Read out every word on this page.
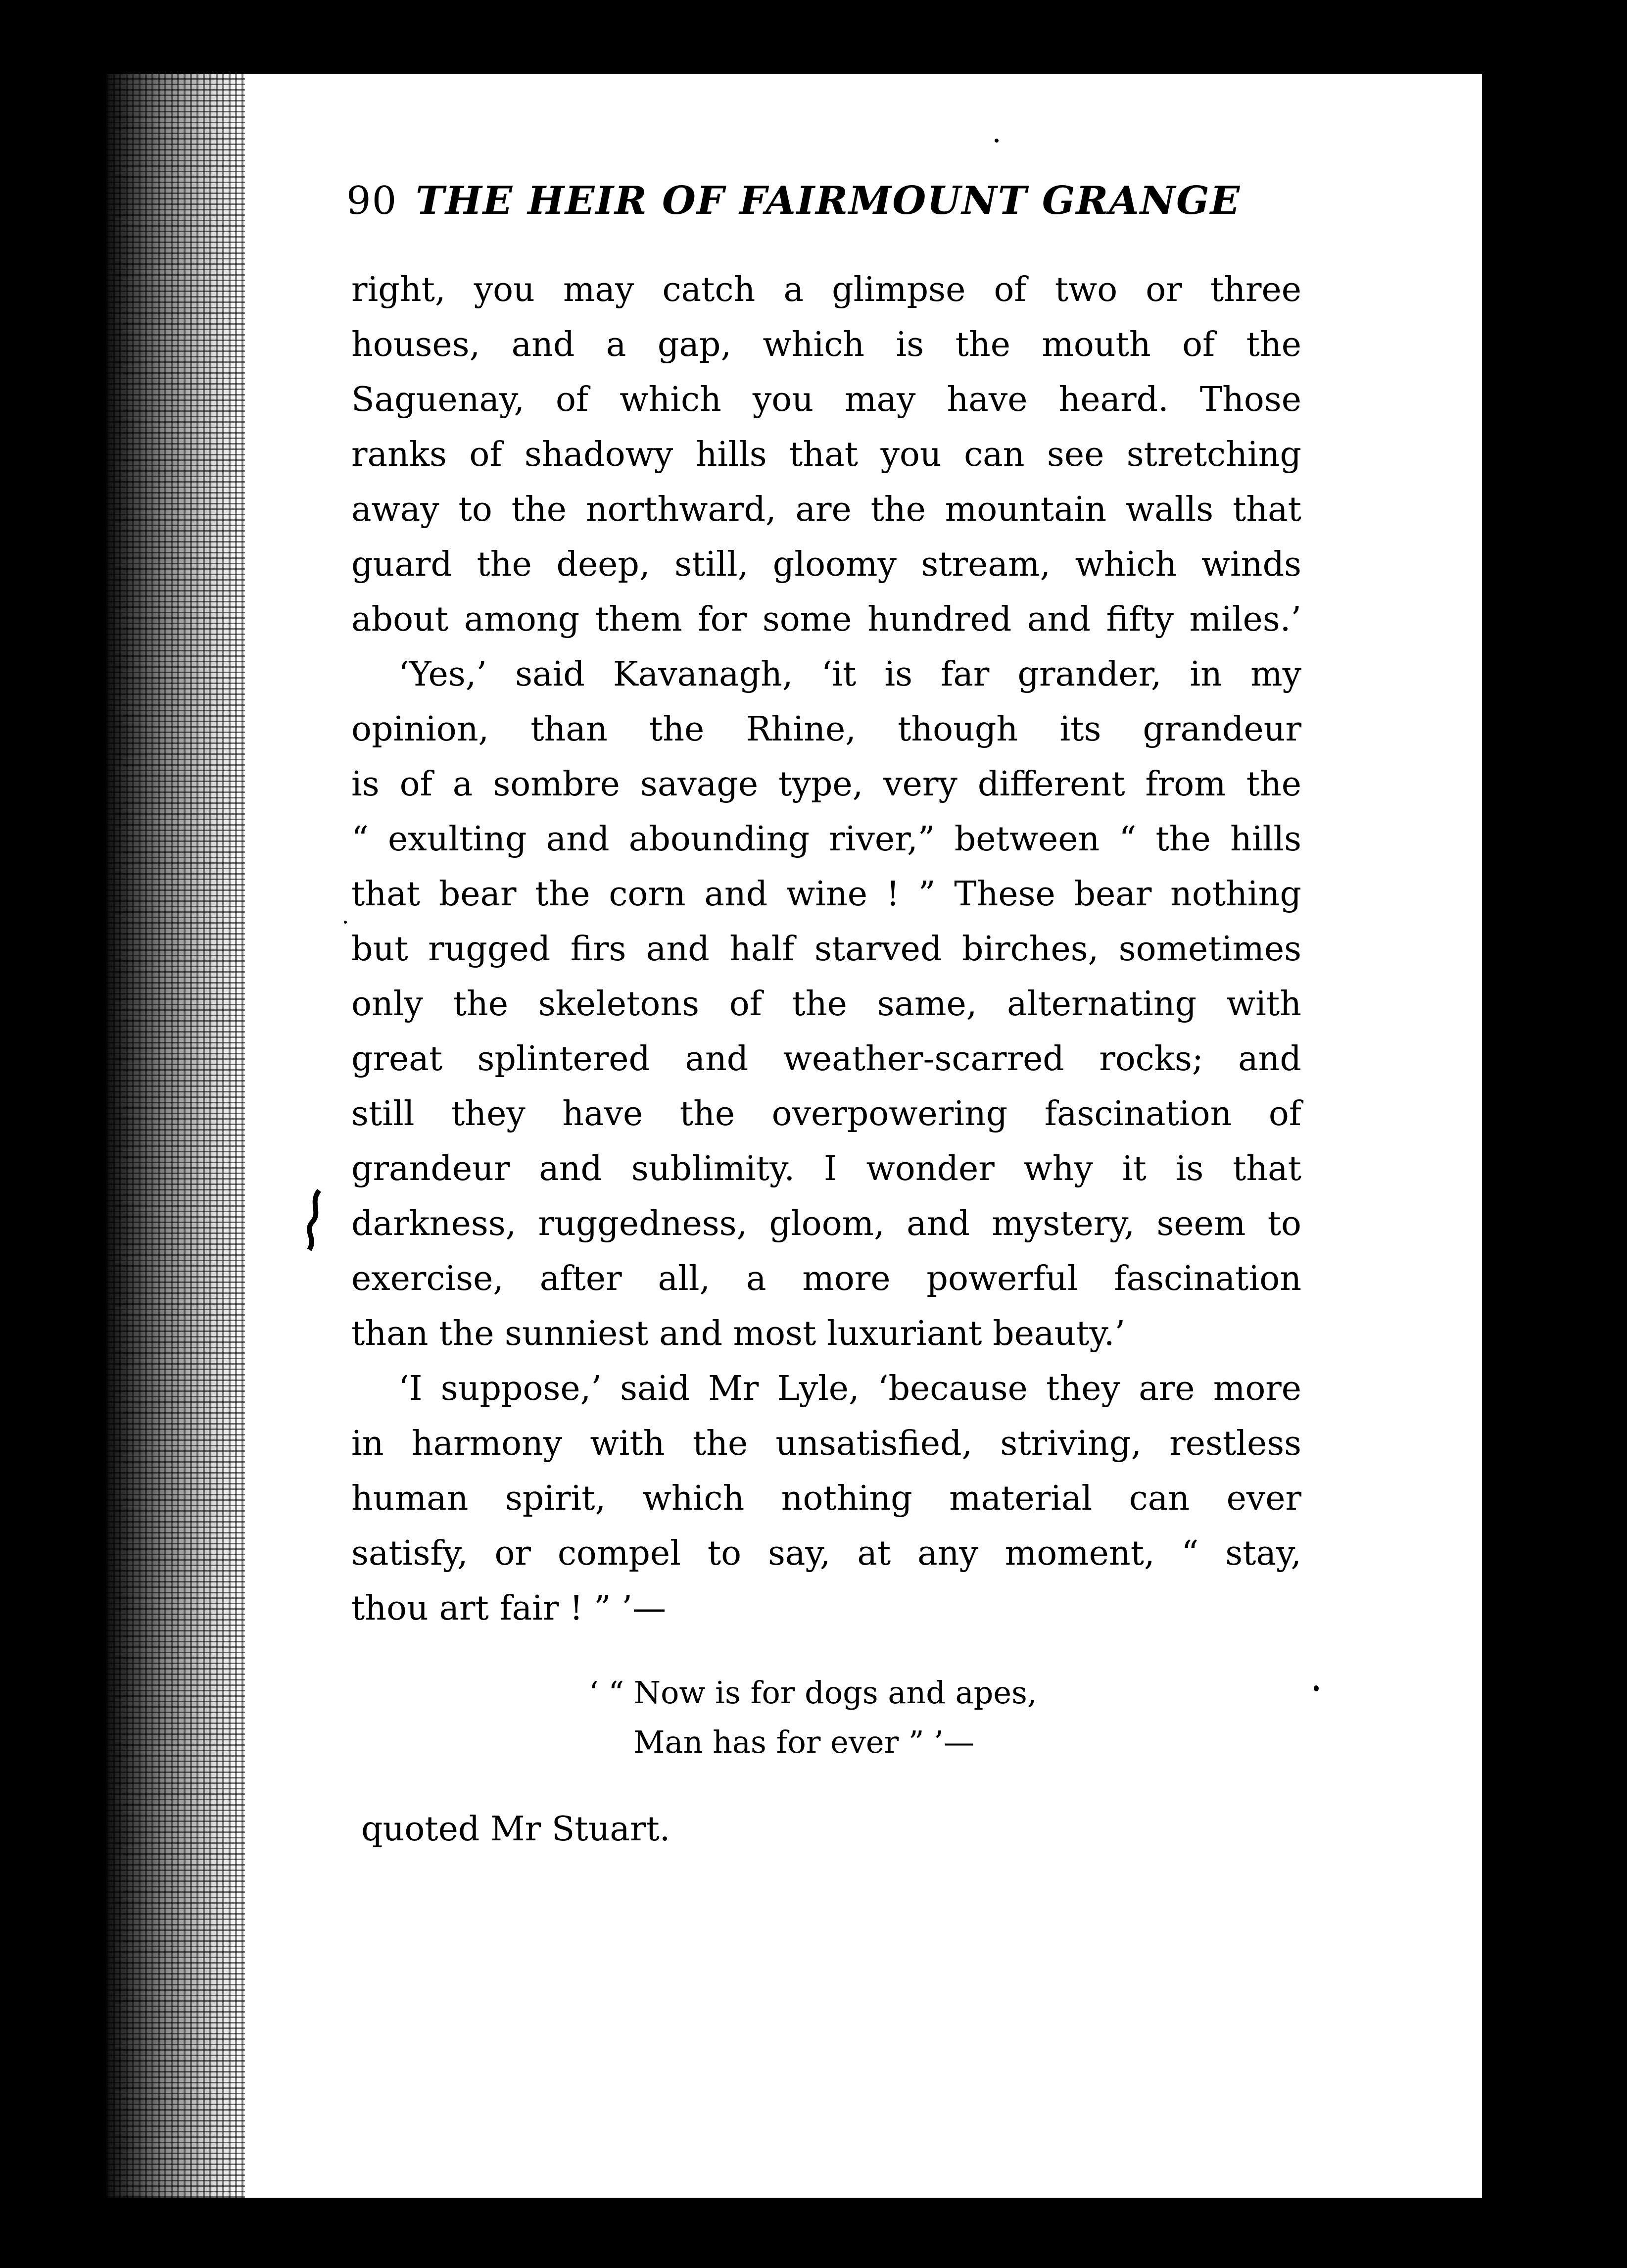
90 THE HEIR OF FAIRMOUNT GRANGE

right, you may catch a glimpse of two or three
houses, and a gap, which is the mouth of the
Saguenay, of which you may have heard. Those
ranks of shadowy hills that you can see stretching
away to the northward, are the mountain walls that
guard the deep, still, gloomy stream, which winds
about among them for some hundred and fifty miles.’

‘Yes,’ said Kavanagh, ‘it is far grander, in my
opinion, than the Rhine, though its grandeur
is of a sombre savage type, very different from the
“ exulting and abounding river,” between “ the hills
that bear the corn and wine ! ” These bear nothing
but rugged firs and half starved birches, sometimes
only the skeletons of the same, alternating with
great splintered and weather-scarred rocks; and
still they have the overpowering fascination of
grandeur and sublimity. I wonder why it is that
darkness, ruggedness, gloom, and mystery, seem to
exercise, after all, a more powerful fascination
than the sunniest and most luxuriant beauty.’

‘I suppose,’ said Mr Lyle, ‘because they are more
in harmony with the unsatisfied, striving, restless
human spirit, which nothing material can ever
satisfy, or compel to say, at any moment, “ stay,
thou art fair ! ” ’—

‘ “ Now is for dogs and apes,
Man has for ever ” ’—
quoted Mr Stuart.
